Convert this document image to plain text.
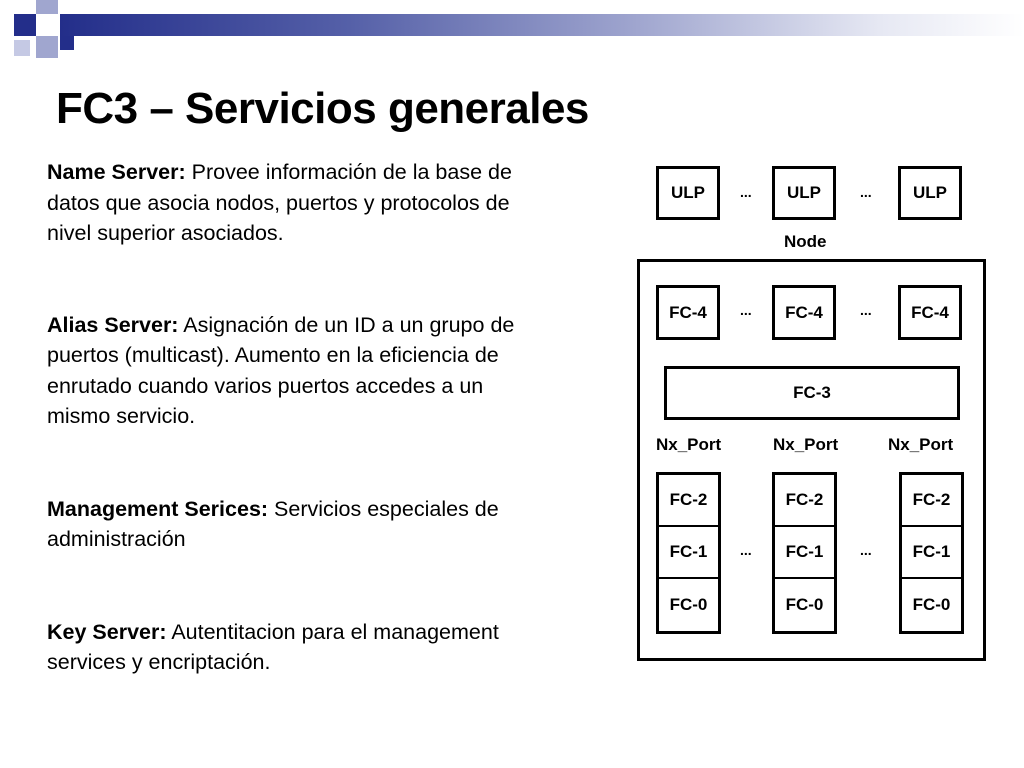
FC3 – Servicios generales

Name Server: Provee información de la base de datos que asocia nodos, puertos y protocolos de nivel superior asociados.

Alias Server: Asignación de un ID a un grupo de puertos (multicast). Aumento en la eficiencia de enrutado cuando varios puertos accedes a un mismo servicio.

Management Serices: Servicios especiales de administración

Key Server: Autentitacion para el management services y encriptación.

ULP	...	ULP	...	ULP
Node
FC-4	...	FC-4	...	FC-4
FC-3
Nx_Port	Nx_Port	Nx_Port
FC-2
FC-1
FC-0
...
FC-2
FC-1
FC-0
...
FC-2
FC-1
FC-0
